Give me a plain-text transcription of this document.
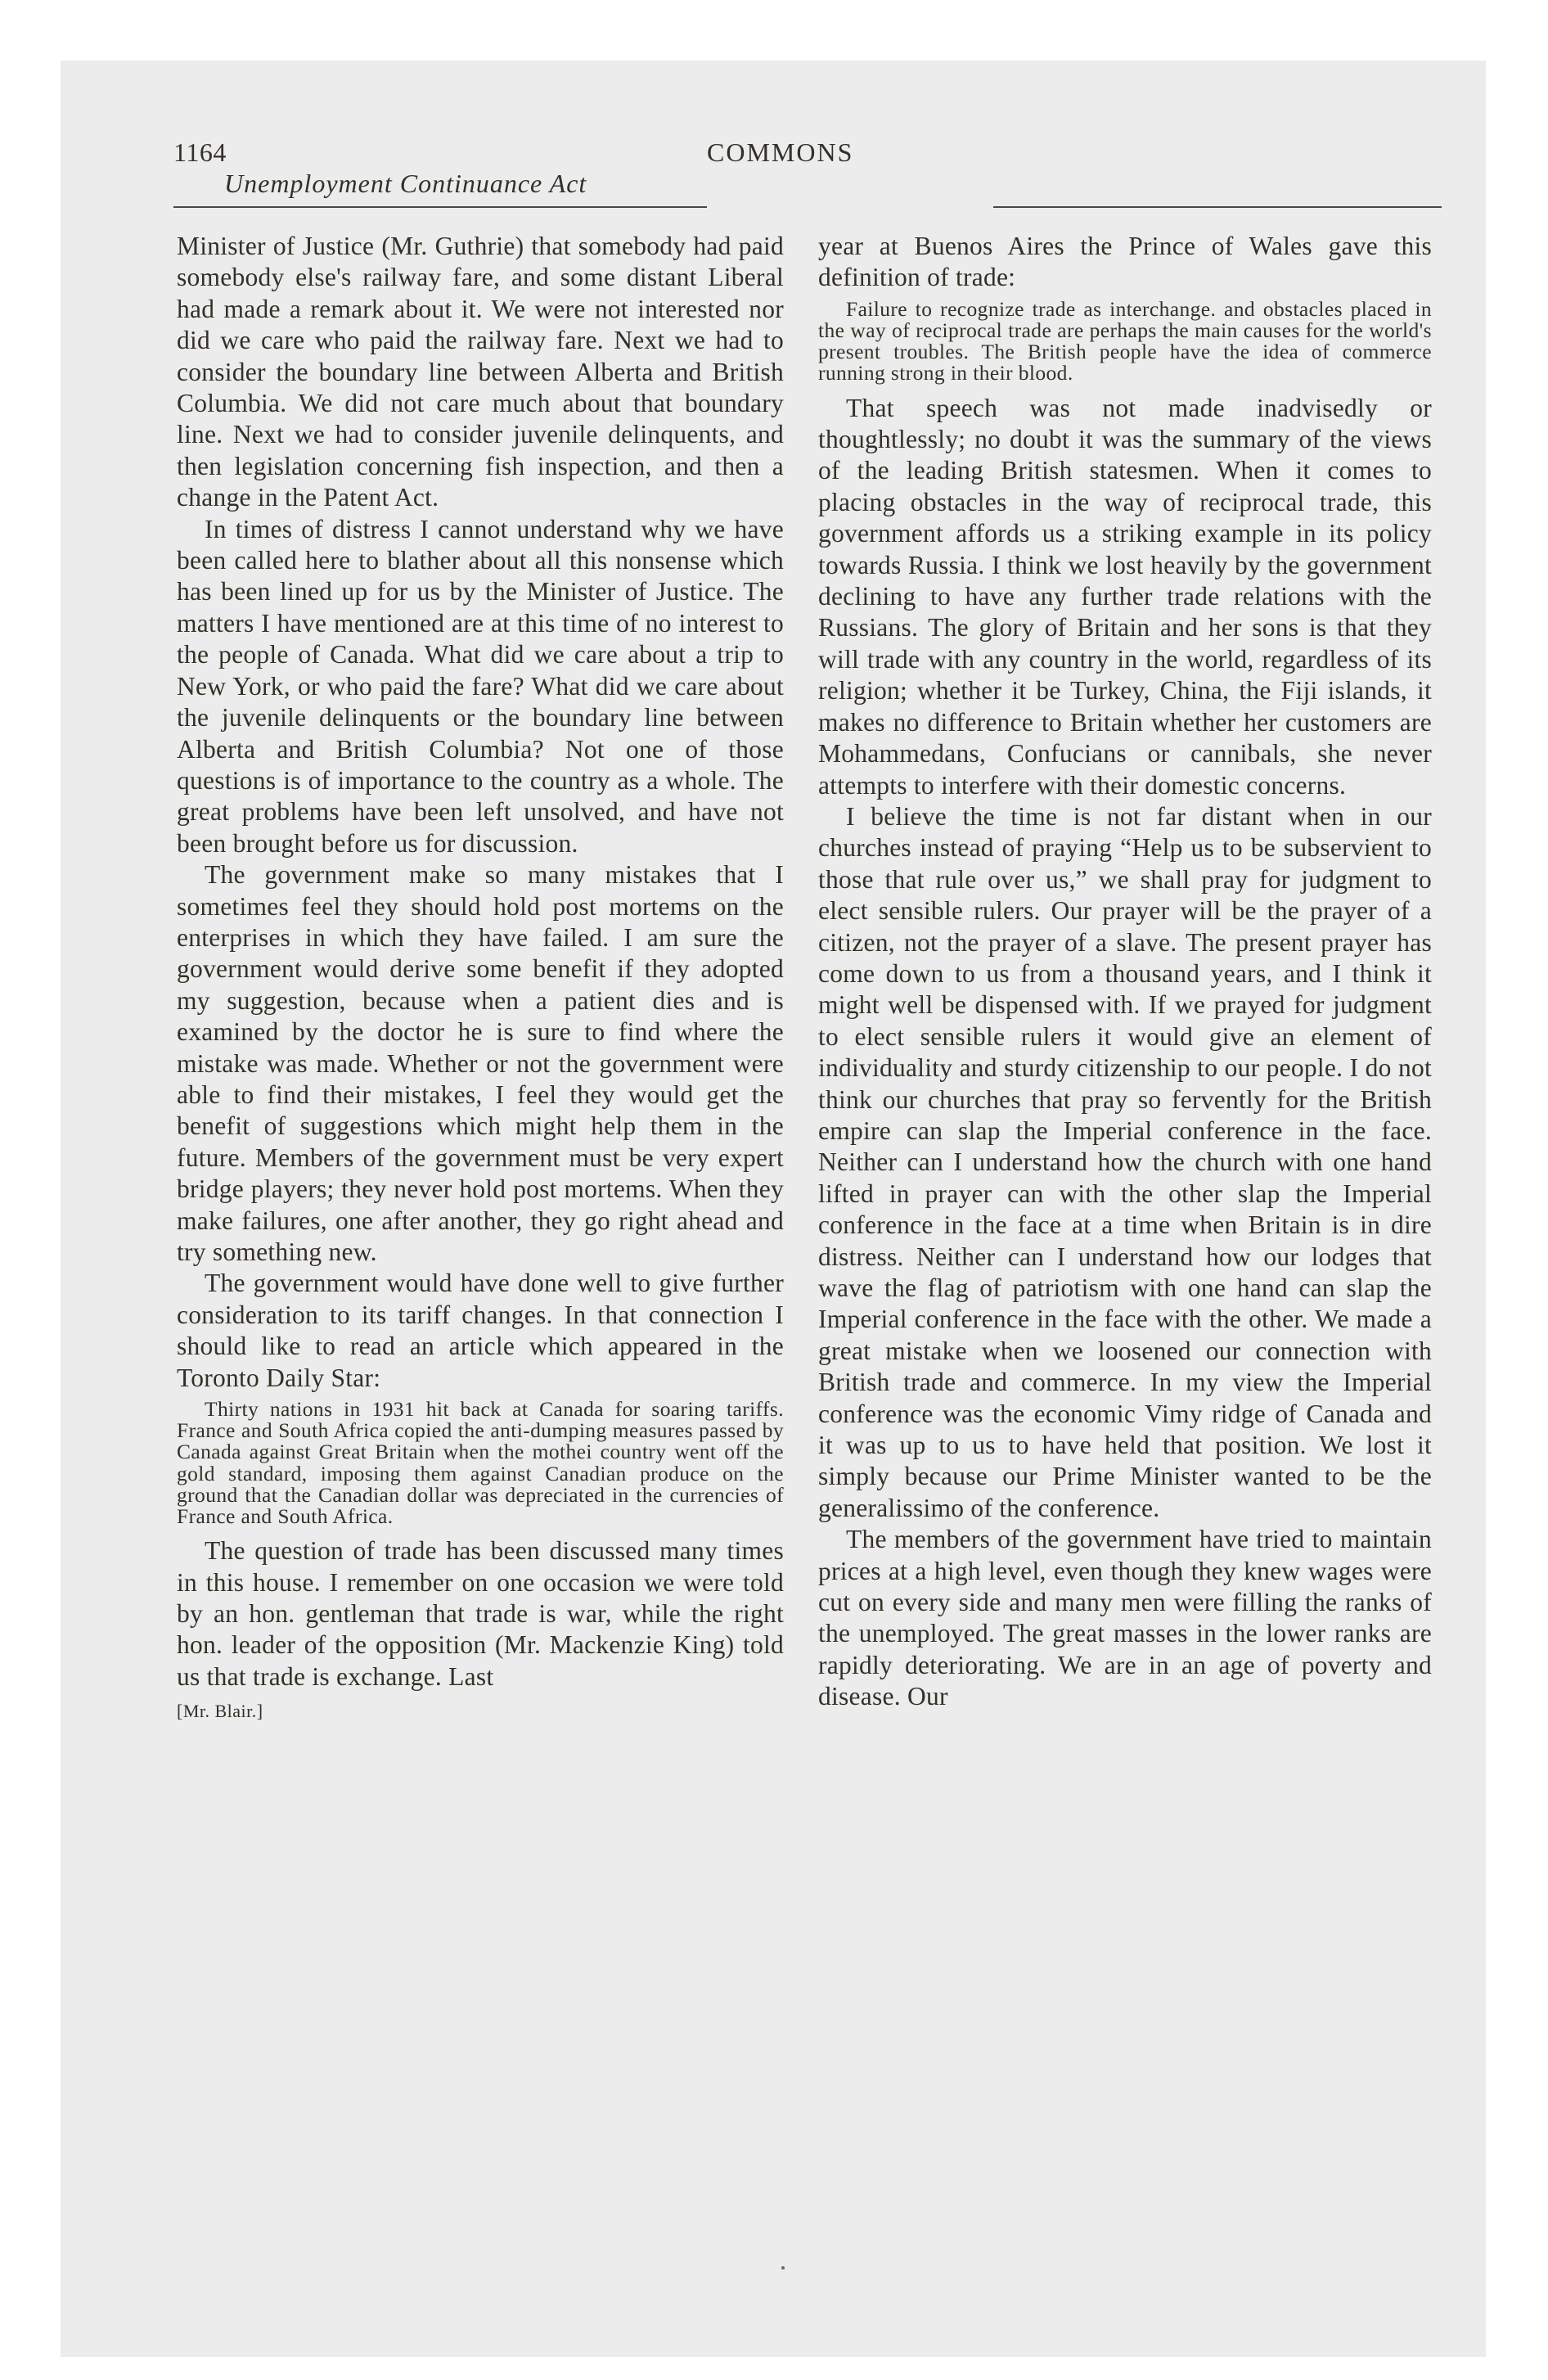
1164	COMMONS
Unemployment Continuance Act

Minister of Justice (Mr. Guthrie) that somebody had paid somebody else's railway fare, and some distant Liberal had made a remark about it. We were not interested nor did we care who paid the railway fare. Next we had to consider the boundary line between Alberta and British Columbia. We did not care much about that boundary line. Next we had to consider juvenile delinquents, and then legislation concerning fish inspection, and then a change in the Patent Act.

In times of distress I cannot understand why we have been called here to blather about all this nonsense which has been lined up for us by the Minister of Justice. The matters I have mentioned are at this time of no interest to the people of Canada. What did we care about a trip to New York, or who paid the fare? What did we care about the juvenile delinquents or the boundary line between Alberta and British Columbia? Not one of those questions is of importance to the country as a whole. The great problems have been left unsolved, and have not been brought before us for discussion.

The government make so many mistakes that I sometimes feel they should hold post mortems on the enterprises in which they have failed. I am sure the government would derive some benefit if they adopted my suggestion, because when a patient dies and is examined by the doctor he is sure to find where the mistake was made. Whether or not the government were able to find their mistakes, I feel they would get the benefit of suggestions which might help them in the future. Members of the government must be very expert bridge players; they never hold post mortems. When they make failures, one after another, they go right ahead and try something new.

The government would have done well to give further consideration to its tariff changes. In that connection I should like to read an article which appeared in the Toronto Daily Star:

Thirty nations in 1931 hit back at Canada for soaring tariffs. France and South Africa copied the anti-dumping measures passed by Canada against Great Britain when the mothei country went off the gold standard, imposing them against Canadian produce on the ground that the Canadian dollar was depreciated in the currencies of France and South Africa.

The question of trade has been discussed many times in this house. I remember on one occasion we were told by an hon. gentleman that trade is war, while the right hon. leader of the opposition (Mr. Mackenzie King) told us that trade is exchange. Last

[Mr. Blair.]

year at Buenos Aires the Prince of Wales gave this definition of trade:

Failure to recognize trade as interchange. and obstacles placed in the way of reciprocal trade are perhaps the main causes for the world's present troubles. The British people have the idea of commerce running strong in their blood.

That speech was not made inadvisedly or thoughtlessly; no doubt it was the summary of the views of the leading British statesmen. When it comes to placing obstacles in the way of reciprocal trade, this government affords us a striking example in its policy towards Russia. I think we lost heavily by the government declining to have any further trade relations with the Russians. The glory of Britain and her sons is that they will trade with any country in the world, regardless of its religion; whether it be Turkey, China, the Fiji islands, it makes no difference to Britain whether her customers are Mohammedans, Confucians or cannibals, she never attempts to interfere with their domestic concerns.

I believe the time is not far distant when in our churches instead of praying “Help us to be subservient to those that rule over us,” we shall pray for judgment to elect sensible rulers. Our prayer will be the prayer of a citizen, not the prayer of a slave. The present prayer has come down to us from a thousand years, and I think it might well be dispensed with. If we prayed for judgment to elect sensible rulers it would give an element of individuality and sturdy citizenship to our people. I do not think our churches that pray so fervently for the British empire can slap the Imperial conference in the face. Neither can I understand how the church with one hand lifted in prayer can with the other slap the Imperial conference in the face at a time when Britain is in dire distress. Neither can I understand how our lodges that wave the flag of patriotism with one hand can slap the Imperial conference in the face with the other. We made a great mistake when we loosened our connection with British trade and commerce. In my view the Imperial conference was the economic Vimy ridge of Canada and it was up to us to have held that position. We lost it simply because our Prime Minister wanted to be the generalissimo of the conference.

The members of the government have tried to maintain prices at a high level, even though they knew wages were cut on every side and many men were filling the ranks of the unemployed. The great masses in the lower ranks are rapidly deteriorating. We are in an age of poverty and disease. Our
